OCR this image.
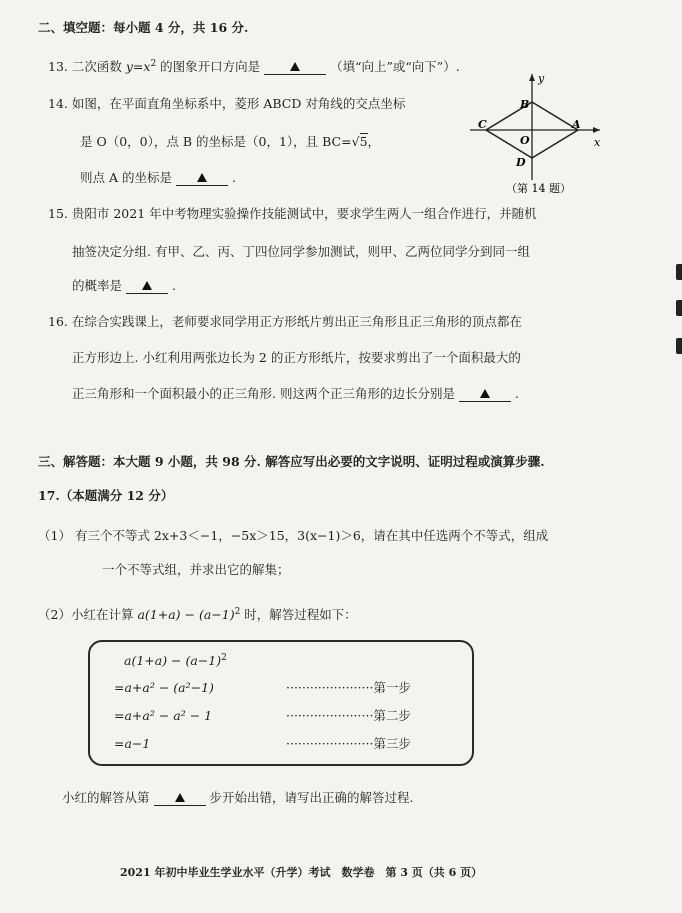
二、填空题：每小题 4 分，共 16 分.
13. 二次函数 $y=x^2$ 的图象开口方向是	（填“向上”或“向下”）.
14. 如图，在平面直角坐标系中，菱形 ABCD 对角线的交点坐标
是 O（0，0），点 B 的坐标是（0，1），且 BC=√5，
则点 A 的坐标是	.
y
x
A
B
C
D
O
（第 14 题）
15. 贵阳市 2021 年中考物理实验操作技能测试中，要求学生两人一组合作进行，并随机
抽签决定分组. 有甲、乙、丙、丁四位同学参加测试，则甲、乙两位同学分到同一组
的概率是	.
16. 在综合实践课上，老师要求同学用正方形纸片剪出正三角形且正三角形的顶点都在
正方形边上. 小红利用两张边长为 2 的正方形纸片，按要求剪出了一个面积最大的
正三角形和一个面积最小的正三角形. 则这两个正三角形的边长分别是	.
三、解答题：本大题 9 小题，共 98 分. 解答应写出必要的文字说明、证明过程或演算步骤.
17.（本题满分 12 分）
（1） 有三个不等式 2x+3＜−1，−5x＞15，3(x−1)＞6，请在其中任选两个不等式，组成
一个不等式组，并求出它的解集；
（2）小红在计算 $a(1+a) - (a-1)^2$ 时，解答过程如下：
$a(1+a) - (a-1)^2$
=a+a² − (a²−1)	······················第一步
=a+a² − a² − 1	······················第二步
=a−1	······················第三步
小红的解答从第	步开始出错，请写出正确的解答过程.
2021 年初中毕业生学业水平（升学）考试　数学卷　第 3 页（共 6 页）
